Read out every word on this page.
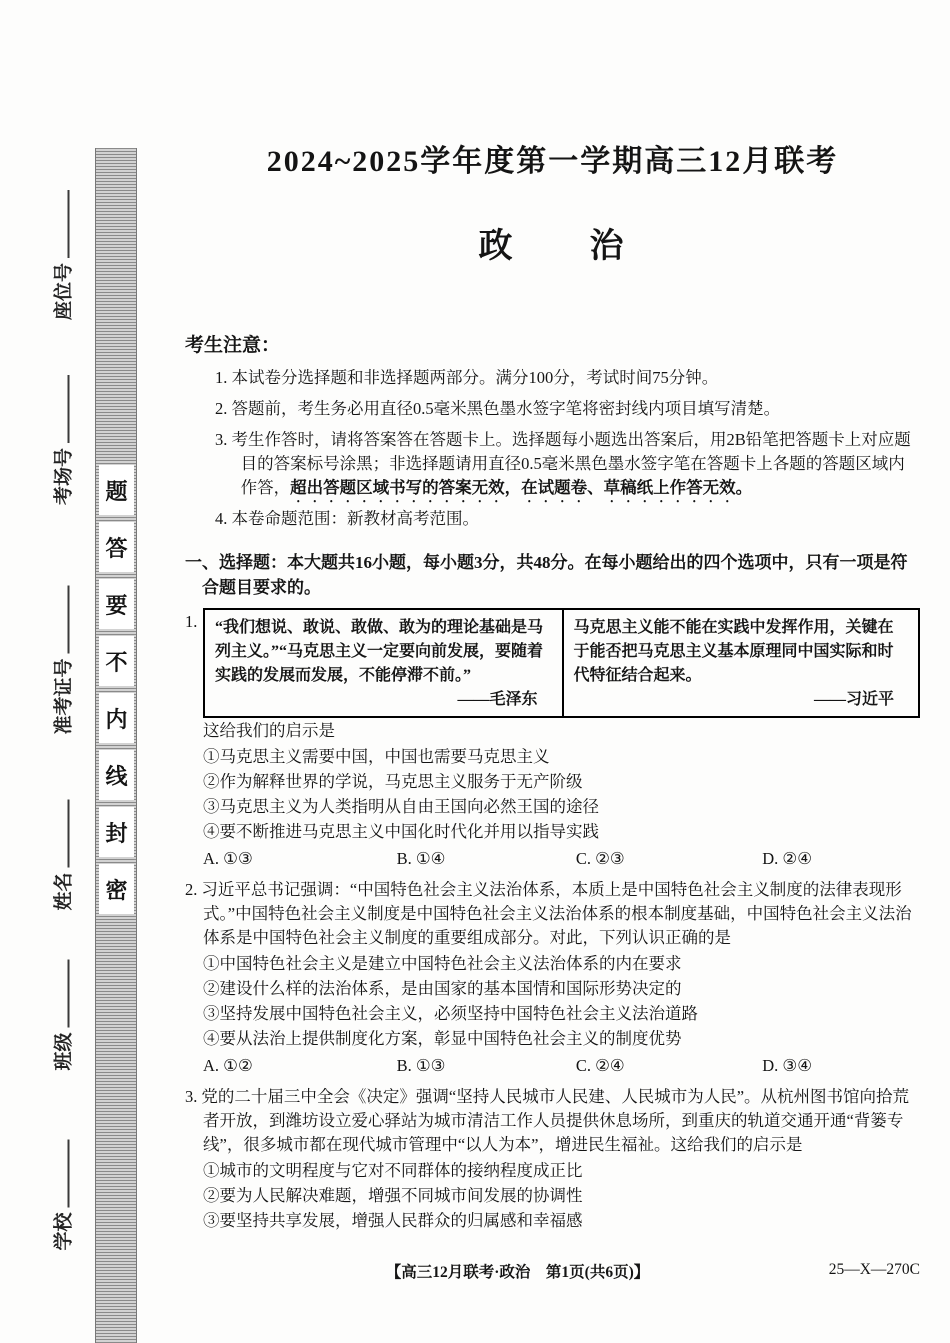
题
答
要
不
内
线
封
密
座位号
考场号
准考证号
姓名
班级
学校
2024~2025学年度第一学期高三12月联考
政　　治
考生注意：
1. 本试卷分选择题和非选择题两部分。满分100分，考试时间75分钟。
2. 答题前，考生务必用直径0.5毫米黑色墨水签字笔将密封线内项目填写清楚。
3. 考生作答时，请将答案答在答题卡上。选择题每小题选出答案后，用2B铅笔把答题卡上对应题目的答案标号涂黑；非选择题请用直径0.5毫米黑色墨水签字笔在答题卡上各题的答题区域内作答，超出答题区域书写的答案无效，在试题卷、草稿纸上作答无效。
4. 本卷命题范围：新教材高考范围。
一、选择题：本大题共16小题，每小题3分，共48分。在每小题给出的四个选项中，只有一项是符合题目要求的。
1.	“我们想说、敢说、敢做、敢为的理论基础是马列主义。”“马克思主义一定要向前发展，要随着实践的发展而发展，不能停滞不前。”
——毛泽东
马克思主义能不能在实践中发挥作用，关键在于能否把马克思主义基本原理同中国实际和时代特征结合起来。
——习近平
这给我们的启示是
①马克思主义需要中国，中国也需要马克思主义
②作为解释世界的学说，马克思主义服务于无产阶级
③马克思主义为人类指明从自由王国向必然王国的途径
④要不断推进马克思主义中国化时代化并用以指导实践
A. ①③	B. ①④	C. ②③	D. ②④
2. 习近平总书记强调：“中国特色社会主义法治体系，本质上是中国特色社会主义制度的法律表现形式。”中国特色社会主义制度是中国特色社会主义法治体系的根本制度基础，中国特色社会主义法治体系是中国特色社会主义制度的重要组成部分。对此，下列认识正确的是
①中国特色社会主义是建立中国特色社会主义法治体系的内在要求
②建设什么样的法治体系，是由国家的基本国情和国际形势决定的
③坚持发展中国特色社会主义，必须坚持中国特色社会主义法治道路
④要从法治上提供制度化方案，彰显中国特色社会主义的制度优势
A. ①②	B. ①③	C. ②④	D. ③④
3. 党的二十届三中全会《决定》强调“坚持人民城市人民建、人民城市为人民”。从杭州图书馆向拾荒者开放，到潍坊设立爱心驿站为城市清洁工作人员提供休息场所，到重庆的轨道交通开通“背篓专线”，很多城市都在现代城市管理中“以人为本”，增进民生福祉。这给我们的启示是
①城市的文明程度与它对不同群体的接纳程度成正比
②要为人民解决难题，增强不同城市间发展的协调性
③要坚持共享发展，增强人民群众的归属感和幸福感
【高三12月联考·政治　第1页(共6页)】	25—X—270C
